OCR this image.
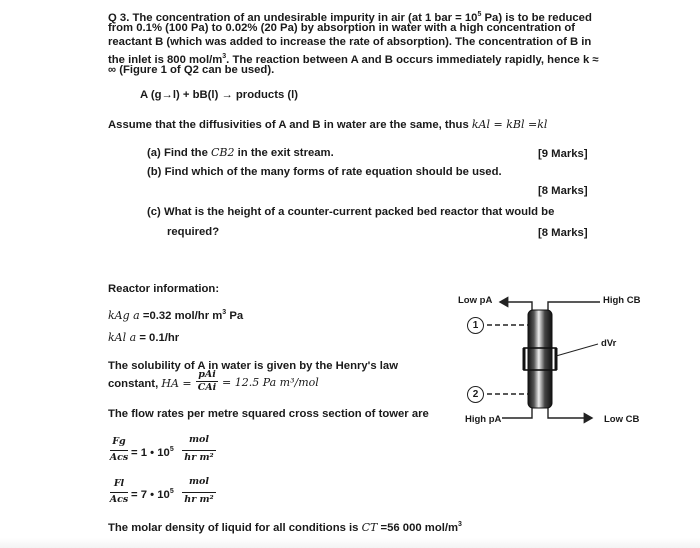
Q 3. The concentration of an undesirable impurity in air (at 1 bar = $10^5$ Pa) is to be reduced
from 0.1% (100 Pa) to 0.02% (20 Pa) by absorption in water with a high concentration of
reactant B (which was added to increase the rate of absorption). The concentration of B in
the inlet is 800 mol/$m^3$. The reaction between A and B occurs immediately rapidly, hence k ≈
∞ (Figure 1 of Q2 can be used).
A (g→l) + bB(l) → products (l)
Assume that the diffusivities of A and B in water are the same, thus kAl = kBl =kl
(a) Find the CB2 in the exit stream.	[9 Marks]
(b) Find which of the many forms of rate equation should be used.
[8 Marks]
(c) What is the height of a counter-current packed bed reactor that would be
required?	[8 Marks]
Reactor information:
kAg a =0.32 mol/hr $m^3$ Pa
kAl a = 0.1/hr
The solubility of A in water is given by the Henry's law
constant, HA =
pAi
CAi = 12.5 Pa m³/mol
The flow rates per metre squared cross section of tower are
Fg
Acs = 1 • $10^5$
mol
hr m²
Fl
Acs = 7 • $10^5$
mol
hr m²
The molar density of liquid for all conditions is CT =56 000 mol/$m^3$
Low pA	High CB
dVr
High pA	Low CB
1
2
